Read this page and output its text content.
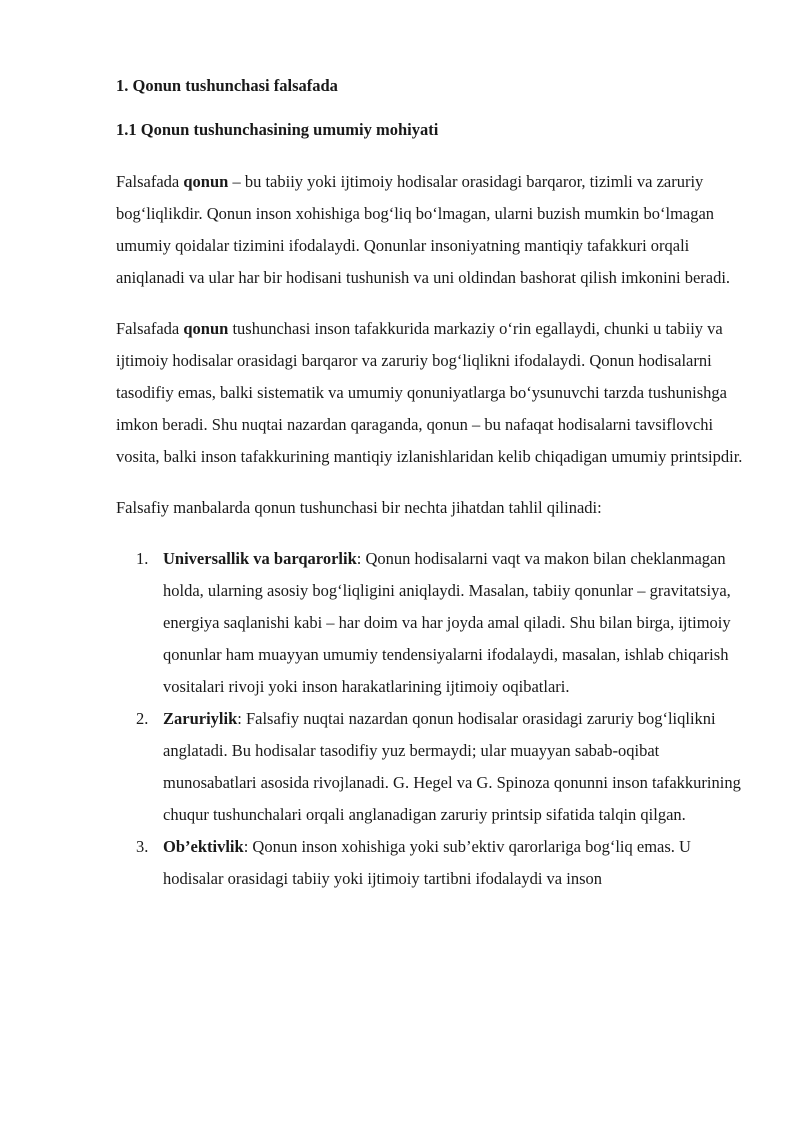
1. Qonun tushunchasi falsafada
1.1 Qonun tushunchasining umumiy mohiyati

Falsafada qonun – bu tabiiy yoki ijtimoiy hodisalar orasidagi barqaror, tizimli va zaruriy bog‘liqlikdir. Qonun inson xohishiga bog‘liq bo‘lmagan, ularni buzish mumkin bo‘lmagan umumiy qoidalar tizimini ifodalaydi. Qonunlar insoniyatning mantiqiy tafakkuri orqali aniqlanadi va ular har bir hodisani tushunish va uni oldindan bashorat qilish imkonini beradi.

Falsafada qonun tushunchasi inson tafakkurida markaziy o‘rin egallaydi, chunki u tabiiy va ijtimoiy hodisalar orasidagi barqaror va zaruriy bog‘liqlikni ifodalaydi. Qonun hodisalarni tasodifiy emas, balki sistematik va umumiy qonuniyatlarga bo‘ysunuvchi tarzda tushunishga imkon beradi. Shu nuqtai nazardan qaraganda, qonun – bu nafaqat hodisalarni tavsiflovchi vosita, balki inson tafakkurining mantiqiy izlanishlaridan kelib chiqadigan umumiy printsipdir.

Falsafiy manbalarda qonun tushunchasi bir nechta jihatdan tahlil qilinadi:

1. Universallik va barqarorlik: Qonun hodisalarni vaqt va makon bilan cheklanmagan holda, ularning asosiy bog‘liqligini aniqlaydi. Masalan, tabiiy qonunlar – gravitatsiya, energiya saqlanishi kabi – har doim va har joyda amal qiladi. Shu bilan birga, ijtimoiy qonunlar ham muayyan umumiy tendensiyalarni ifodalaydi, masalan, ishlab chiqarish vositalari rivoji yoki inson harakatlarining ijtimoiy oqibatlari.
2. Zaruriylik: Falsafiy nuqtai nazardan qonun hodisalar orasidagi zaruriy bog‘liqlikni anglatadi. Bu hodisalar tasodifiy yuz bermaydi; ular muayyan sabab-oqibat munosabatlari asosida rivojlanadi. G. Hegel va G. Spinoza qonunni inson tafakkurining chuqur tushunchalari orqali anglanadigan zaruriy printsip sifatida talqin qilgan.
3. Ob’ektivlik: Qonun inson xohishiga yoki sub’ektiv qarorlariga bog‘liq emas. U hodisalar orasidagi tabiiy yoki ijtimoiy tartibni ifodalaydi va inson
